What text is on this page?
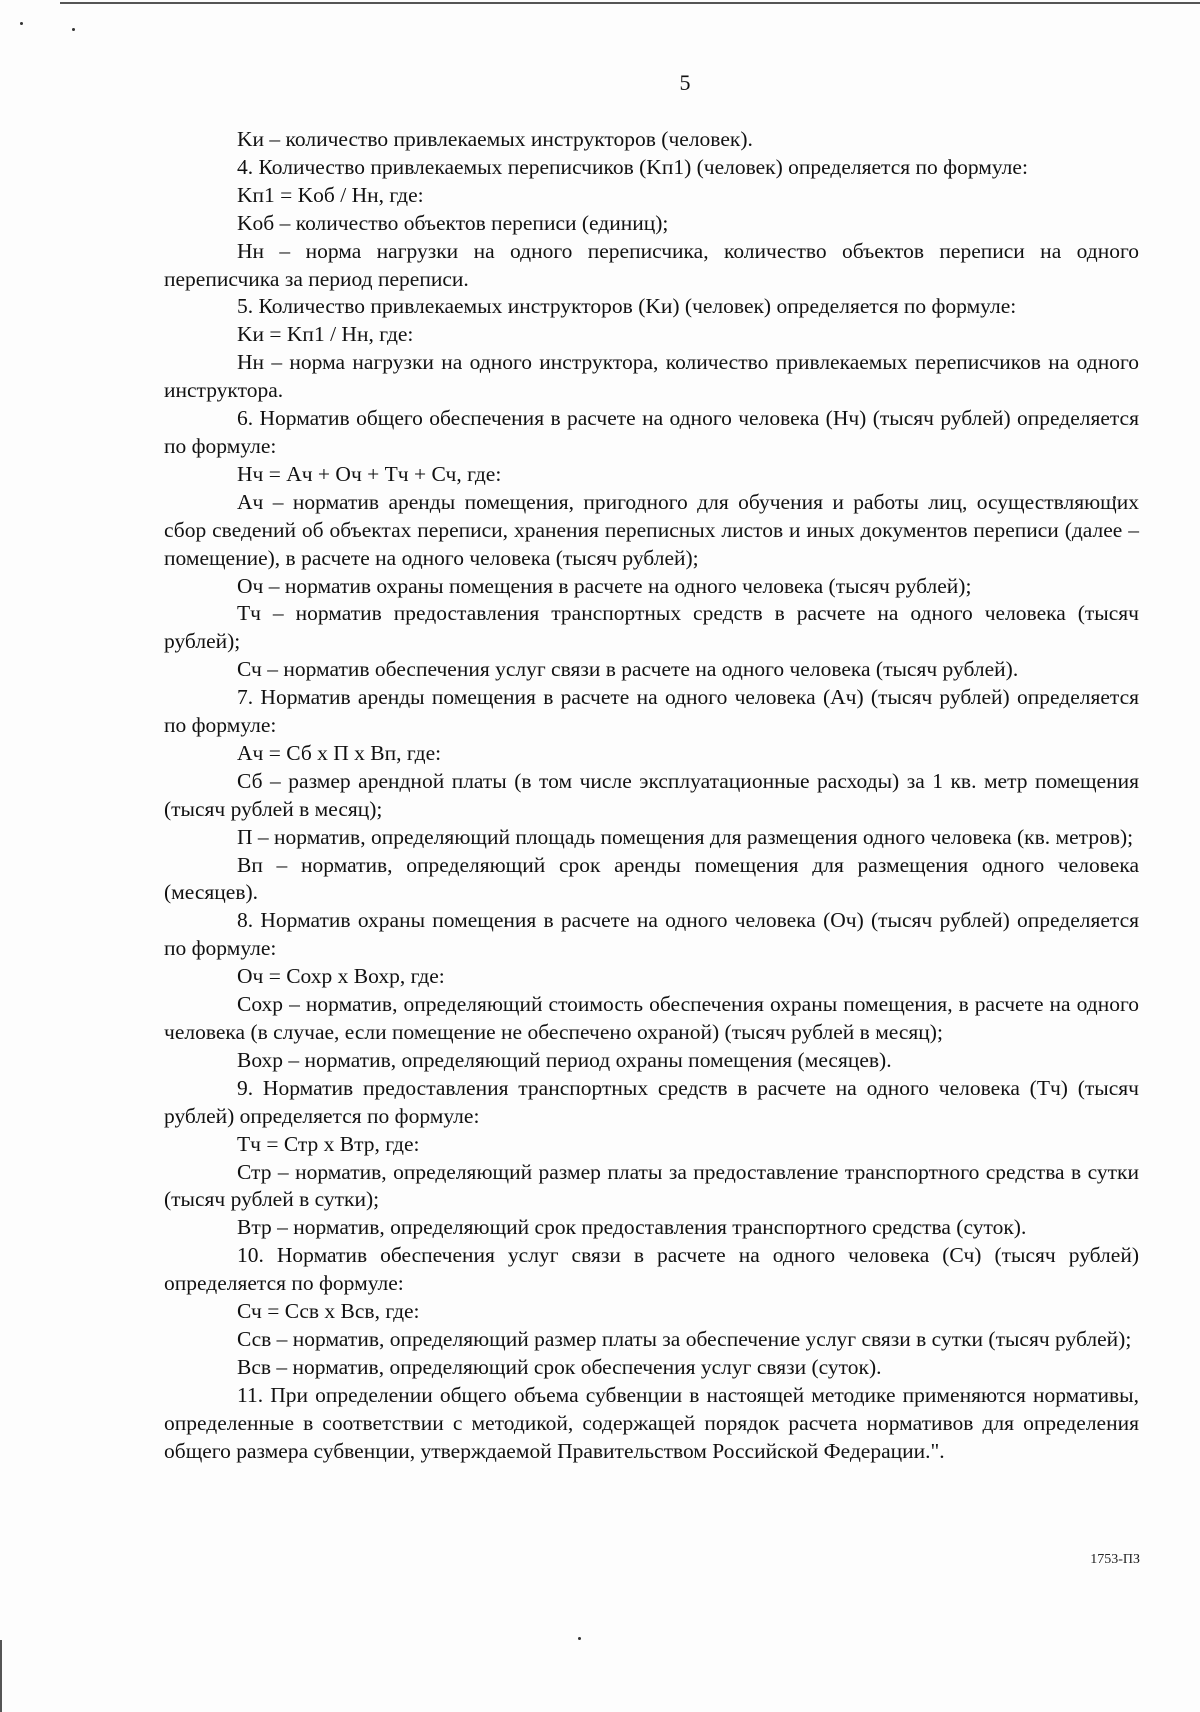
5

Kи – количество привлекаемых инструкторов (человек).

4. Количество привлекаемых переписчиков (Kп1) (человек) определяется по формуле:

Kп1 = Kоб / Нн, где:

Kоб – количество объектов переписи (единиц);

Нн – норма нагрузки на одного переписчика, количество объектов переписи на одного переписчика за период переписи.

5. Количество привлекаемых инструкторов (Kи) (человек) определяется по формуле:

Kи = Kп1 / Нн, где:

Нн – норма нагрузки на одного инструктора, количество привлекаемых переписчиков на одного инструктора.

6. Норматив общего обеспечения в расчете на одного человека (Нч) (тысяч рублей) определяется по формуле:

Нч = Ач + Оч + Тч + Сч, где:

Ач – норматив аренды помещения, пригодного для обучения и работы лиц, осуществляющих сбор сведений об объектах переписи, хранения переписных листов и иных документов переписи (далее – помещение), в расчете на одного человека (тысяч рублей);

Оч – норматив охраны помещения в расчете на одного человека (тысяч рублей);

Тч – норматив предоставления транспортных средств в расчете на одного человека (тысяч рублей);

Сч – норматив обеспечения услуг связи в расчете на одного человека (тысяч рублей).

7. Норматив аренды помещения в расчете на одного человека (Ач) (тысяч рублей) определяется по формуле:

Ач = Сб x П x Вп, где:

Сб – размер арендной платы (в том числе эксплуатационные расходы) за 1 кв. метр помещения (тысяч рублей в месяц);

П – норматив, определяющий площадь помещения для размещения одного человека (кв. метров);

Вп – норматив, определяющий срок аренды помещения для размещения одного человека (месяцев).

8. Норматив охраны помещения в расчете на одного человека (Оч) (тысяч рублей) определяется по формуле:

Оч = Сохр x Вохр, где:

Сохр – норматив, определяющий стоимость обеспечения охраны помещения, в расчете на одного человека (в случае, если помещение не обеспечено охраной) (тысяч рублей в месяц);

Вохр – норматив, определяющий период охраны помещения (месяцев).

9. Норматив предоставления транспортных средств в расчете на одного человека (Тч) (тысяч рублей) определяется по формуле:

Тч = Стр x Втр, где:

Стр – норматив, определяющий размер платы за предоставление транспортного средства в сутки (тысяч рублей в сутки);

Втр – норматив, определяющий срок предоставления транспортного средства (суток).

10. Норматив обеспечения услуг связи в расчете на одного человека (Сч) (тысяч рублей) определяется по формуле:

Сч = Ссв x Всв, где:

Ссв – норматив, определяющий размер платы за обеспечение услуг связи в сутки (тысяч рублей);

Всв – норматив, определяющий срок обеспечения услуг связи (суток).

11. При определении общего объема субвенции в настоящей методике применяются нормативы, определенные в соответствии с методикой, содержащей порядок расчета нормативов для определения общего размера субвенции, утверждаемой Правительством Российской Федерации.".

1753-ПЗ
